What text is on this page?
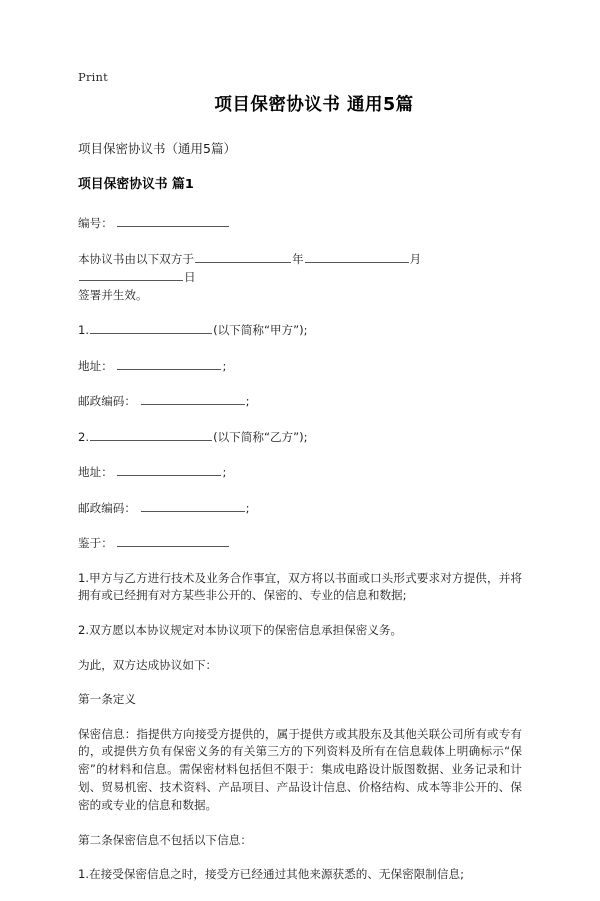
Print
项目保密协议书 通用5篇

项目保密协议书（通用5篇）

项目保密协议书 篇1

编号：
本协议书由以下双方于	年	月日
签署并生效。
1.	(以下简称“甲方”);
地址：	;
邮政编码：	;
2.	(以下简称“乙方”);
地址：	;
邮政编码：	;
鉴于：

1.甲方与乙方进行技术及业务合作事宜，双方将以书面或口头形式要求对方提供，并将拥有或已经拥有对方某些非公开的、保密的、专业的信息和数据;

2.双方愿以本协议规定对本协议项下的保密信息承担保密义务。

为此，双方达成协议如下：

第一条定义

保密信息：指提供方向接受方提供的，属于提供方或其股东及其他关联公司所有或专有的，或提供方负有保密义务的有关第三方的下列资料及所有在信息载体上明确标示“保密”的材料和信息。需保密材料包括但不限于：集成电路设计版图数据、业务记录和计划、贸易机密、技术资料、产品项目、产品设计信息、价格结构、成本等非公开的、保密的或专业的信息和数据。

第二条保密信息不包括以下信息：

1.在接受保密信息之时，接受方已经通过其他来源获悉的、无保密限制信息;
